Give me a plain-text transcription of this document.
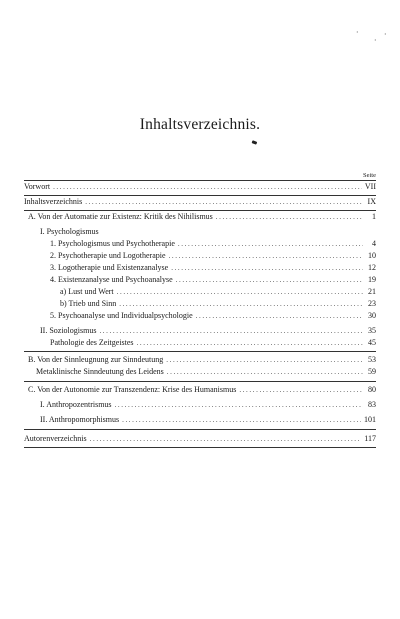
·
·
·
Inhaltsverzeichnis.
Seite
Vorwort .....	VII
Inhaltsverzeichnis .....	IX
A. Von der Automatie zur Existenz: Kritik des Nihilismus .....	1
I. Psychologismus
1. Psychologismus und Psychotherapie .....	4
2. Psychotherapie und Logotherapie .....	10
3. Logotherapie und Existenzanalyse .....	12
4. Existenzanalyse und Psychoanalyse .....	19
a) Lust und Wert .....	21
b) Trieb und Sinn .....	23
5. Psychoanalyse und Individualpsychologie .....	30
II. Soziologismus .....	35
Pathologie des Zeitgeistes .....	45
B. Von der Sinnleugnung zur Sinndeutung .....	53
Metaklinische Sinndeutung des Leidens .....	59
C. Von der Autonomie zur Transzendenz: Krise des Humanismus .....	80
I. Anthropozentrismus .....	83
II. Anthropomorphismus .....	101
Autorenverzeichnis .....	117
